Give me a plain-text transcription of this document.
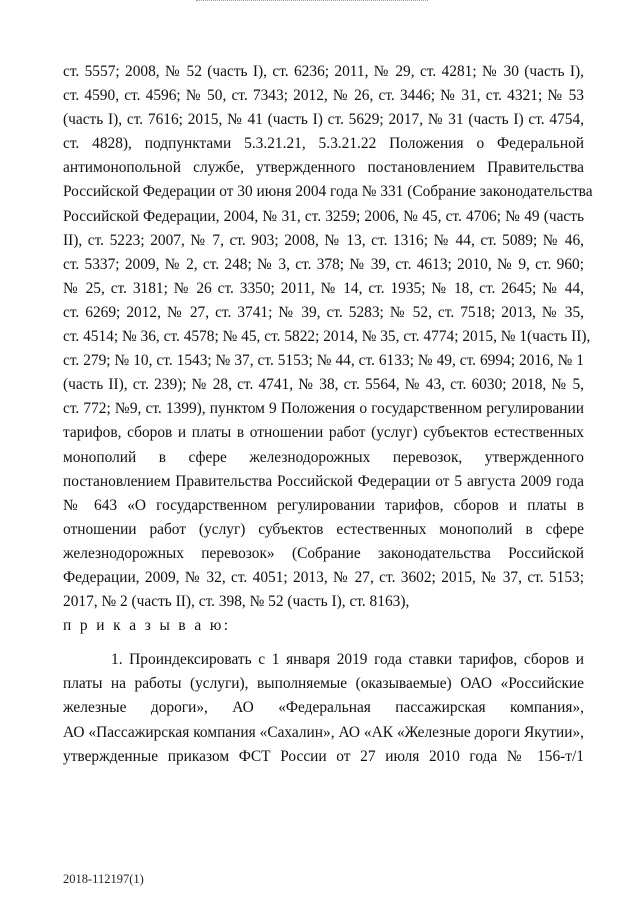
ст. 5557; 2008, № 52 (часть I), ст. 6236; 2011, № 29, ст. 4281; № 30 (часть I),
ст. 4590, ст. 4596; № 50, ст. 7343; 2012, № 26, ст. 3446; № 31, ст. 4321; № 53
(часть I), ст. 7616; 2015, № 41 (часть I) ст. 5629; 2017, № 31 (часть I) ст. 4754,
ст. 4828), подпунктами 5.3.21.21, 5.3.21.22 Положения о Федеральной
антимонопольной службе, утвержденного постановлением Правительства
Российской Федерации от 30 июня 2004 года № 331 (Собрание законодательства
Российской Федерации, 2004, № 31, ст. 3259; 2006, № 45, ст. 4706; № 49 (часть
II), ст. 5223; 2007, № 7, ст. 903; 2008, № 13, ст. 1316; № 44, ст. 5089; № 46,
ст. 5337; 2009, № 2, ст. 248; № 3, ст. 378; № 39, ст. 4613; 2010, № 9, ст. 960;
№ 25, ст. 3181; № 26 ст. 3350; 2011, № 14, ст. 1935; № 18, ст. 2645; № 44,
ст. 6269; 2012, № 27, ст. 3741; № 39, ст. 5283; № 52, ст. 7518; 2013, № 35,
ст. 4514; № 36, ст. 4578; № 45, ст. 5822; 2014, № 35, ст. 4774; 2015, № 1(часть II),
ст. 279; № 10, ст. 1543; № 37, ст. 5153; № 44, ст. 6133; № 49, ст. 6994; 2016, № 1
(часть II), ст. 239); № 28, ст. 4741, № 38, ст. 5564, № 43, ст. 6030; 2018, № 5,
ст. 772; №9, ст. 1399), пунктом 9 Положения о государственном регулировании
тарифов, сборов и платы в отношении работ (услуг) субъектов естественных
монополий в сфере железнодорожных перевозок, утвержденного
постановлением Правительства Российской Федерации от 5 августа 2009 года
№ 643 «О государственном регулировании тарифов, сборов и платы в
отношении работ (услуг) субъектов естественных монополий в сфере
железнодорожных перевозок» (Собрание законодательства Российской
Федерации, 2009, № 32, ст. 4051; 2013, № 27, ст. 3602; 2015, № 37, ст. 5153;
2017, № 2 (часть II), ст. 398, № 52 (часть I), ст. 8163),
п р и к а з ы в а ю:
1. Проиндексировать с 1 января 2019 года ставки тарифов, сборов и
платы на работы (услуги), выполняемые (оказываемые) ОАО «Российские
железные дороги», АО «Федеральная пассажирская компания»,
АО «Пассажирская компания «Сахалин», АО «АК «Железные дороги Якутии»,
утвержденные приказом ФСТ России от 27 июля 2010 года № 156-т/1
2018-112197(1)
